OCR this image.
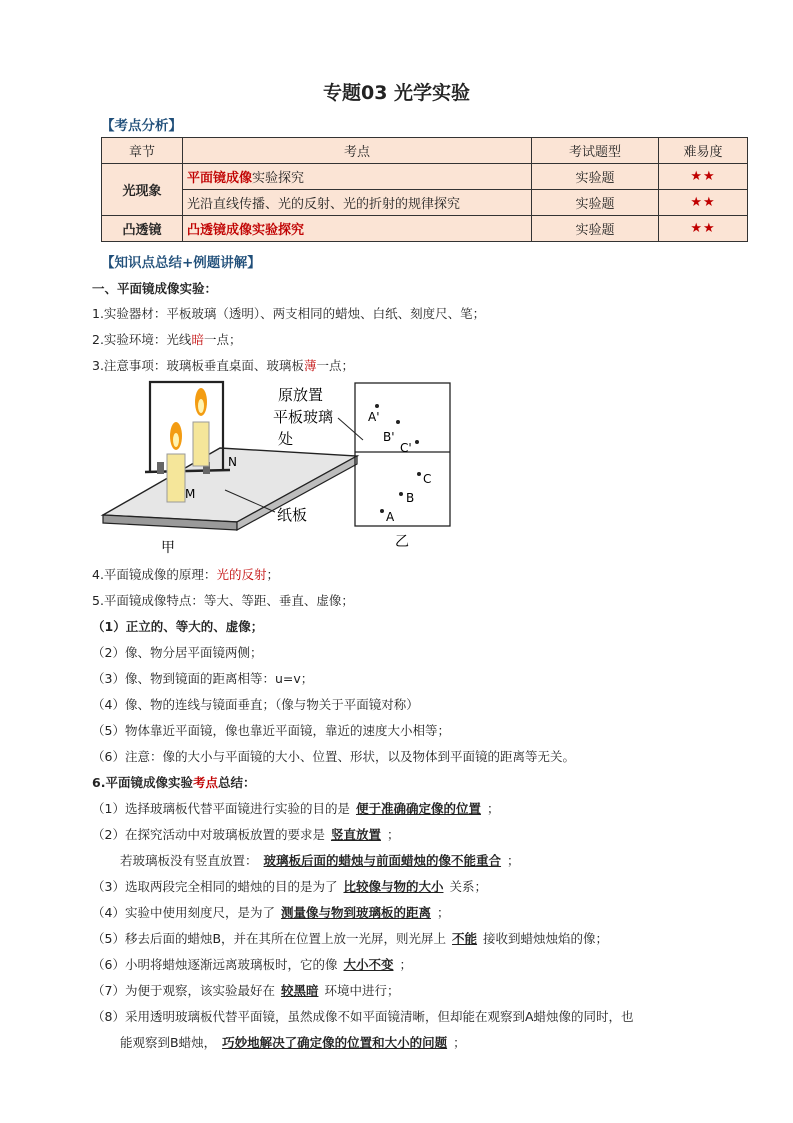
专题03 光学实验
【考点分析】
章节	考点	考试题型	难易度
光现象	平面镜成像实验探究	实验题	★★
	光沿直线传播、光的反射、光的折射的规律探究	实验题	★★
凸透镜	凸透镜成像实验探究	实验题	★★
【知识点总结+例题讲解】
一、平面镜成像实验：
1.实验器材：平板玻璃（透明）、两支相同的蜡烛、白纸、刻度尺、笔；
2.实验环境：光线暗一点；
3.注意事项：玻璃板垂直桌面、玻璃板薄一点；
N
M
甲
原放置
平板玻璃
处
纸板
A'
B'
C'
C
B
A
乙
4.平面镜成像的原理：光的反射；
5.平面镜成像特点：等大、等距、垂直、虚像；
（1）正立的、等大的、虚像；
（2）像、物分居平面镜两侧；
（3）像、物到镜面的距离相等：u=v；
（4）像、物的连线与镜面垂直；（像与物关于平面镜对称）
（5）物体靠近平面镜，像也靠近平面镜，靠近的速度大小相等；
（6）注意：像的大小与平面镜的大小、位置、形状，以及物体到平面镜的距离等无关。
6.平面镜成像实验考点总结：
（1）选择玻璃板代替平面镜进行实验的目的是 便于准确确定像的位置 ；
（2）在探究活动中对玻璃板放置的要求是 竖直放置 ；
若玻璃板没有竖直放置： 玻璃板后面的蜡烛与前面蜡烛的像不能重合 ；
（3）选取两段完全相同的蜡烛的目的是为了 比较像与物的大小 关系；
（4）实验中使用刻度尺，是为了 测量像与物到玻璃板的距离 ；
（5）移去后面的蜡烛B，并在其所在位置上放一光屏，则光屏上 不能 接收到蜡烛烛焰的像；
（6）小明将蜡烛逐渐远离玻璃板时，它的像 大小不变 ；
（7）为便于观察，该实验最好在 较黑暗 环境中进行；
（8）采用透明玻璃板代替平面镜，虽然成像不如平面镜清晰，但却能在观察到A蜡烛像的同时，也
能观察到B蜡烛， 巧妙地解决了确定像的位置和大小的问题 ；
